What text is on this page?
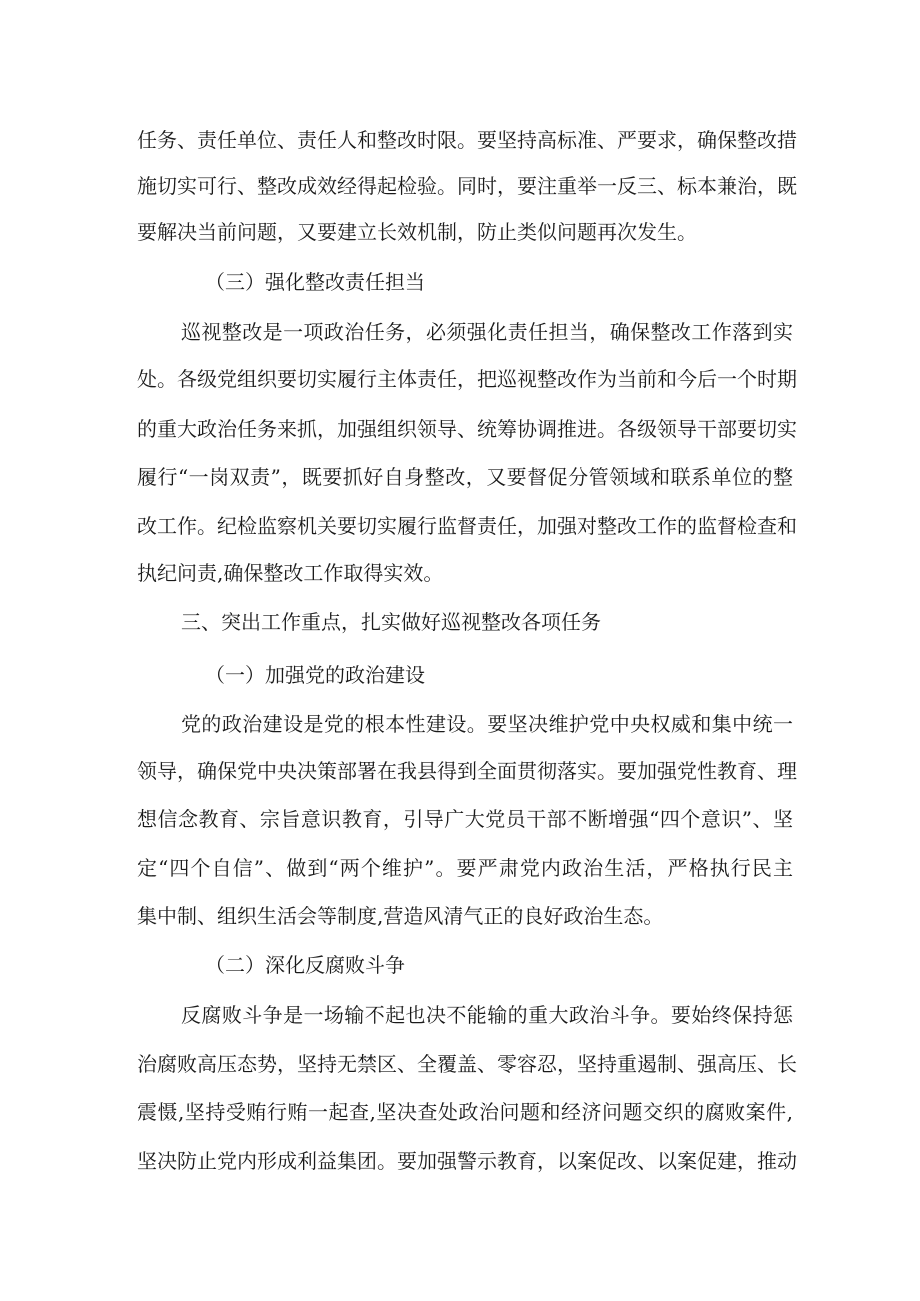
任务、责任单位、责任人和整改时限。要坚持高标准、严要求，确保整改措
施切实可行、整改成效经得起检验。同时，要注重举一反三、标本兼治，既
要解决当前问题，又要建立长效机制，防止类似问题再次发生。
（三）强化整改责任担当
巡视整改是一项政治任务，必须强化责任担当，确保整改工作落到实
处。各级党组织要切实履行主体责任，把巡视整改作为当前和今后一个时期
的重大政治任务来抓，加强组织领导、统筹协调推进。各级领导干部要切实
履行“一岗双责”，既要抓好自身整改，又要督促分管领域和联系单位的整
改工作。纪检监察机关要切实履行监督责任，加强对整改工作的监督检查和
执纪问责,确保整改工作取得实效。
三、突出工作重点，扎实做好巡视整改各项任务
（一）加强党的政治建设
党的政治建设是党的根本性建设。要坚决维护党中央权威和集中统一
领导，确保党中央决策部署在我县得到全面贯彻落实。要加强党性教育、理
想信念教育、宗旨意识教育，引导广大党员干部不断增强“四个意识”、坚
定“四个自信”、做到“两个维护”。要严肃党内政治生活，严格执行民主
集中制、组织生活会等制度,营造风清气正的良好政治生态。
（二）深化反腐败斗争
反腐败斗争是一场输不起也决不能输的重大政治斗争。要始终保持惩
治腐败高压态势，坚持无禁区、全覆盖、零容忍，坚持重遏制、强高压、长
震慑,坚持受贿行贿一起查,坚决查处政治问题和经济问题交织的腐败案件,
坚决防止党内形成利益集团。要加强警示教育，以案促改、以案促建，推动
